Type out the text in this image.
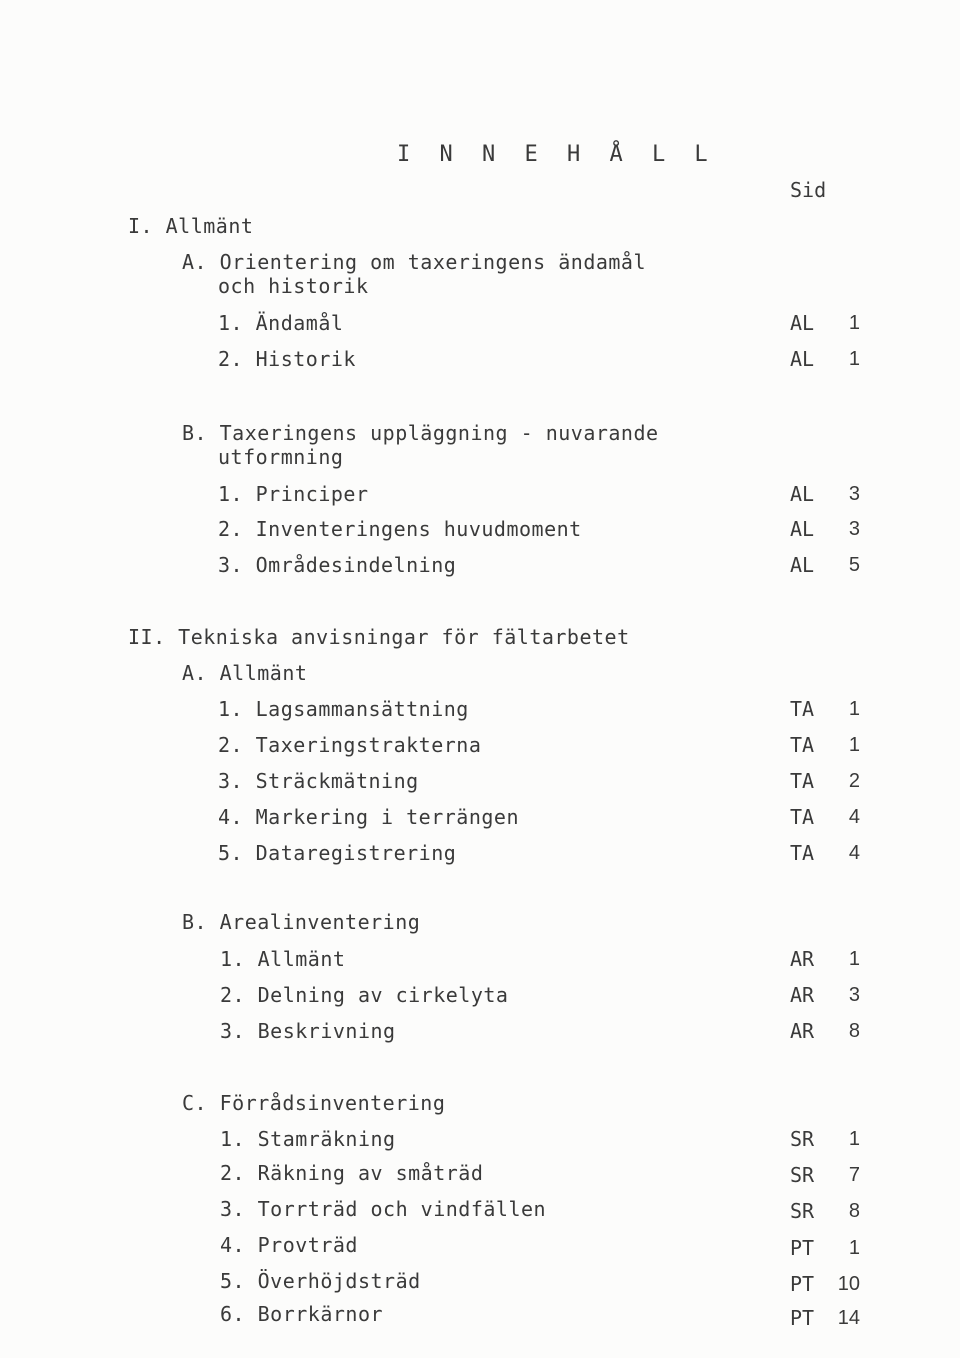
I N N E H Å L L
Sid
I. Allmänt
A. Orientering om taxeringens ändamål
och historik
1. Ändamål	AL	1
2. Historik	AL	1
B. Taxeringens uppläggning - nuvarande
utformning
1. Principer	AL	3
2. Inventeringens huvudmoment	AL	3
3. Områdesindelning	AL	5
II. Tekniska anvisningar för fältarbetet
A. Allmänt
1. Lagsammansättning	TA	1
2. Taxeringstrakterna	TA	1
3. Sträckmätning	TA	2
4. Markering i terrängen	TA	4
5. Dataregistrering	TA	4
B. Arealinventering
1. Allmänt	AR	1
2. Delning av cirkelyta	AR	3
3. Beskrivning	AR	8
C. Förrådsinventering
1. Stamräkning	SR	1
2. Räkning av småträd	SR	7
3. Torrträd och vindfällen	SR	8
4. Provträd	PT	1
5. Överhöjdsträd	PT	10
6. Borrkärnor	PT	14
